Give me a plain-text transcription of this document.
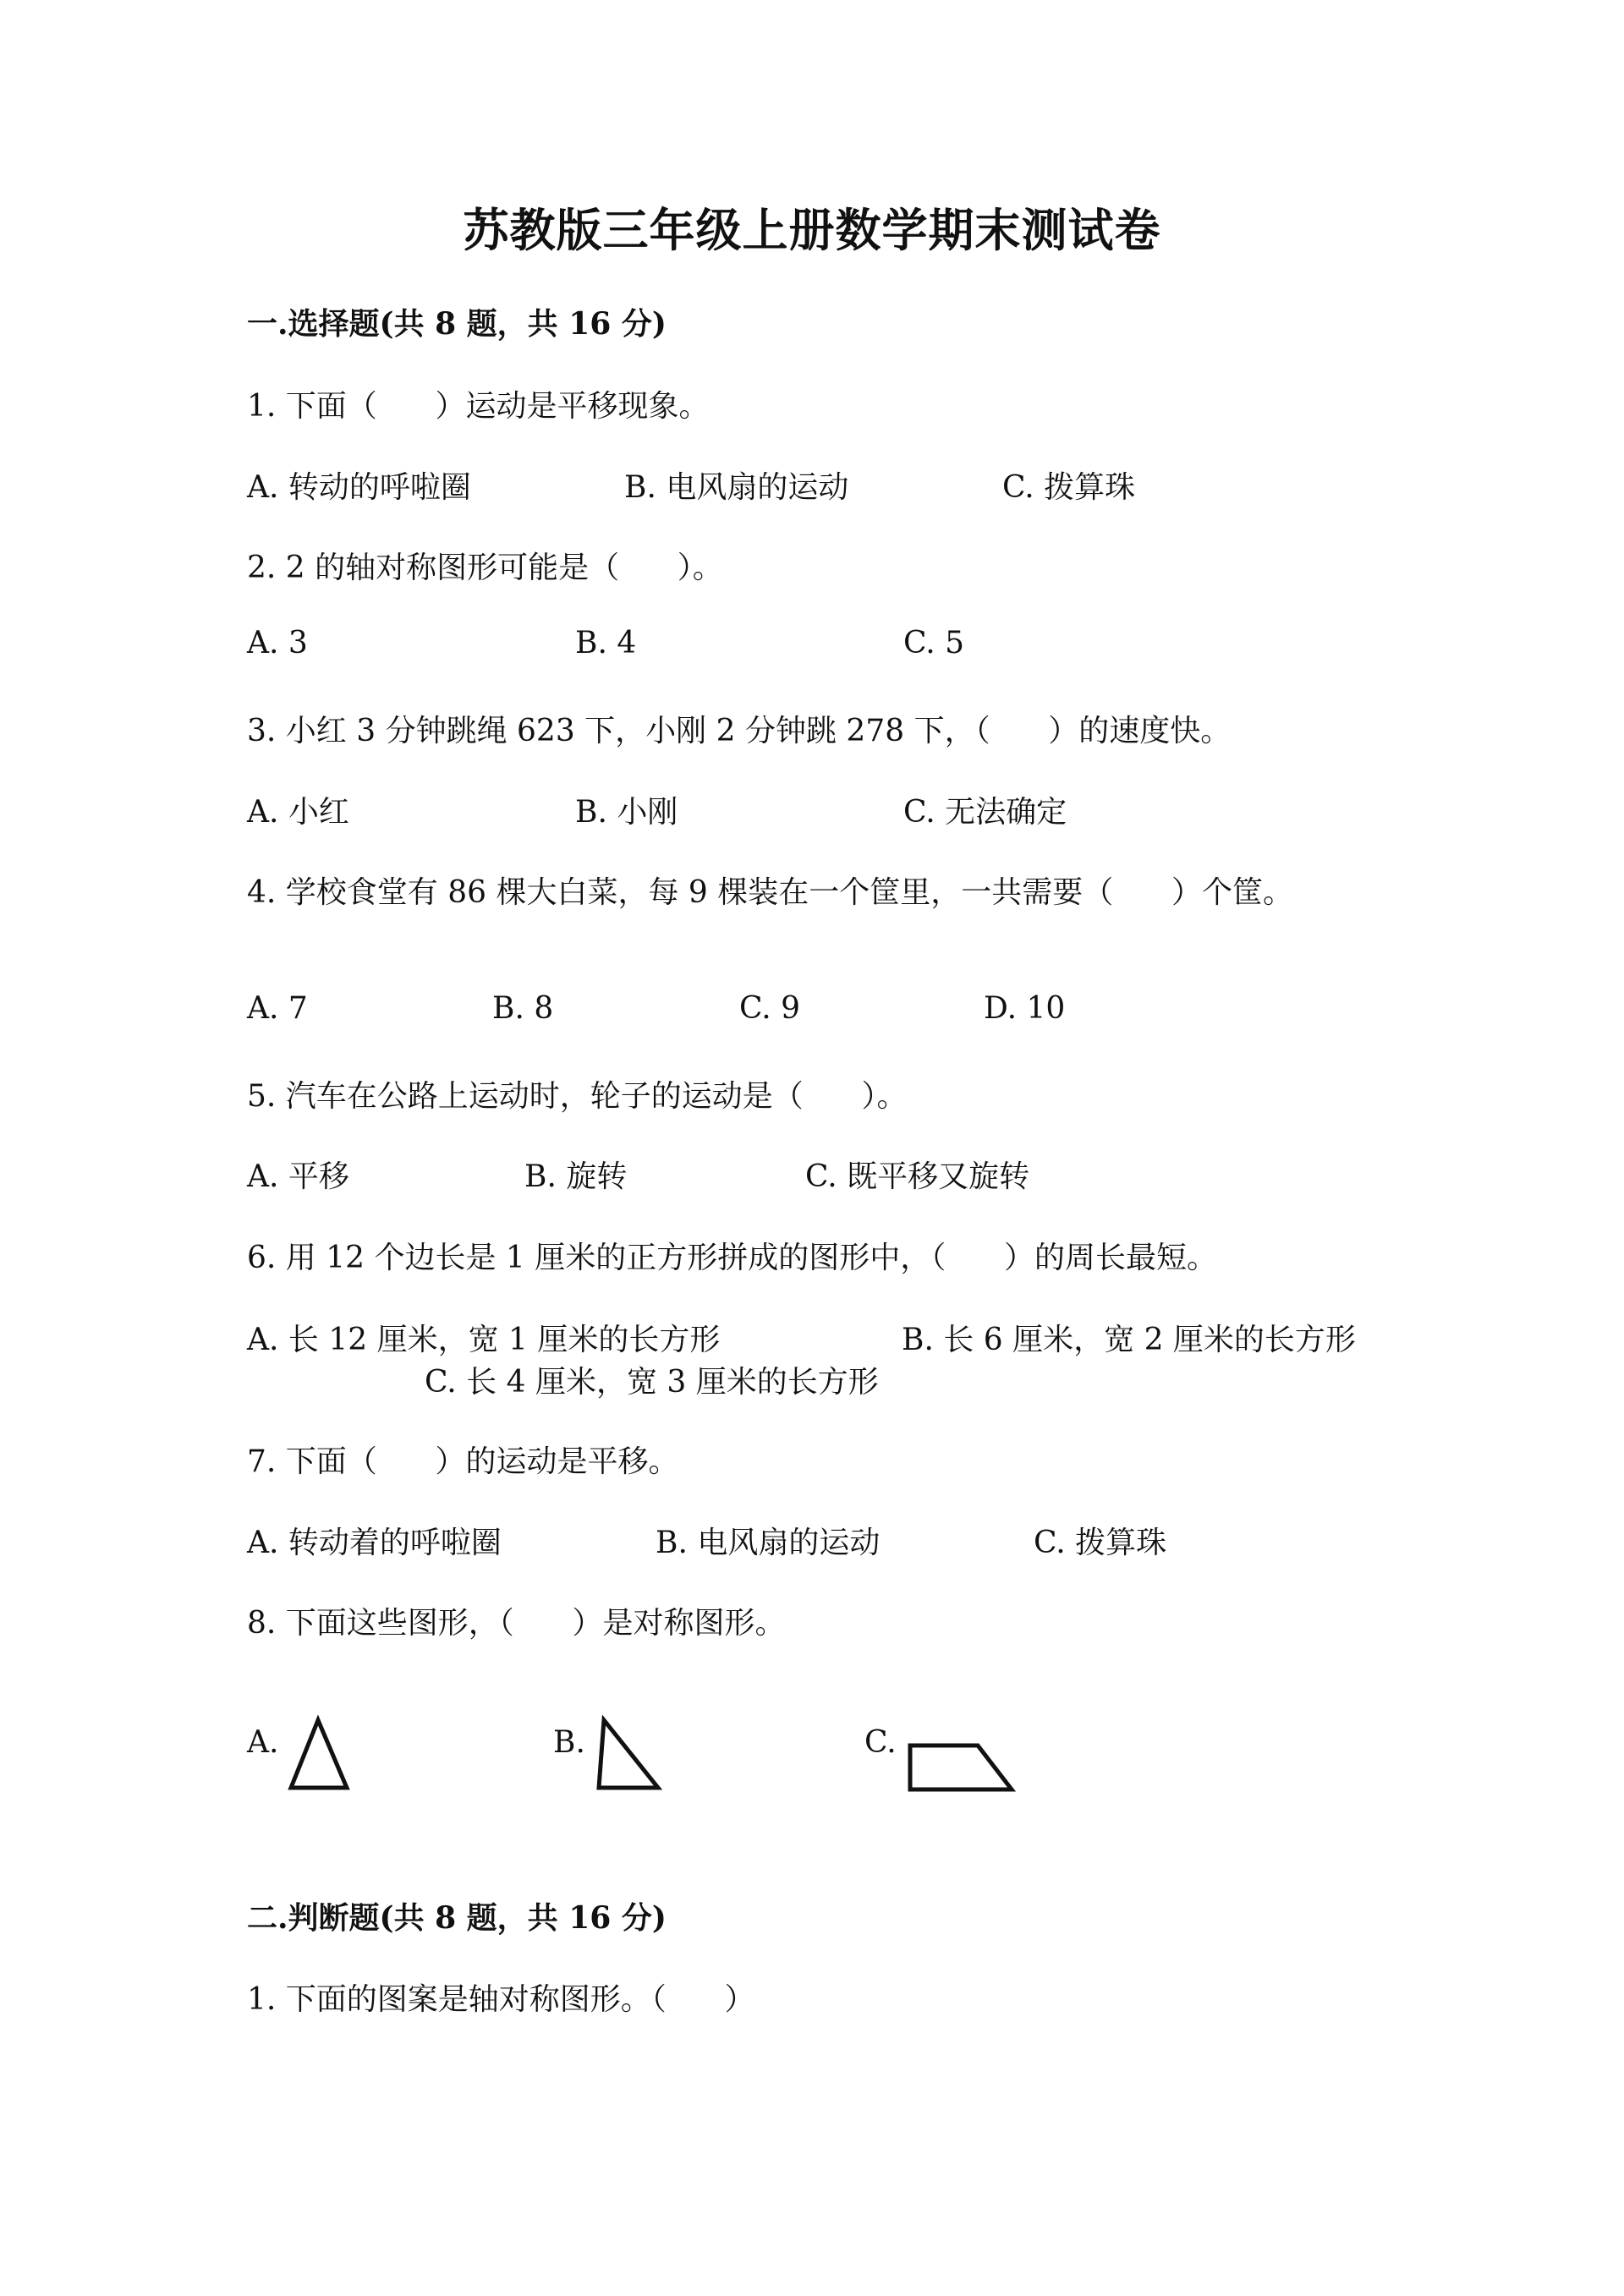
苏教版三年级上册数学期末测试卷
一.选择题(共 8 题，共 16 分)
1. 下面（      ）运动是平移现象。
A. 转动的呼啦圈	B. 电风扇的运动	C. 拨算珠
2. 2 的轴对称图形可能是（      ）。
A. 3	B. 4	C. 5
3. 小红 3 分钟跳绳 623 下，小刚 2 分钟跳 278 下，（      ）的速度快。
A. 小红	B. 小刚	C. 无法确定
4. 学校食堂有 86 棵大白菜，每 9 棵装在一个筐里，一共需要（      ）个筐。
A. 7	B. 8	C. 9	D. 10
5. 汽车在公路上运动时，轮子的运动是（      ）。
A. 平移	B. 旋转	C. 既平移又旋转
6. 用 12 个边长是 1 厘米的正方形拼成的图形中，（      ）的周长最短。
A. 长 12 厘米，宽 1 厘米的长方形	B. 长 6 厘米，宽 2 厘米的长方形
C. 长 4 厘米，宽 3 厘米的长方形
7. 下面（      ）的运动是平移。
A. 转动着的呼啦圈	B. 电风扇的运动	C. 拨算珠
8. 下面这些图形，（      ）是对称图形。
A.	B.	C.
二.判断题(共 8 题，共 16 分)
1. 下面的图案是轴对称图形。（      ）
